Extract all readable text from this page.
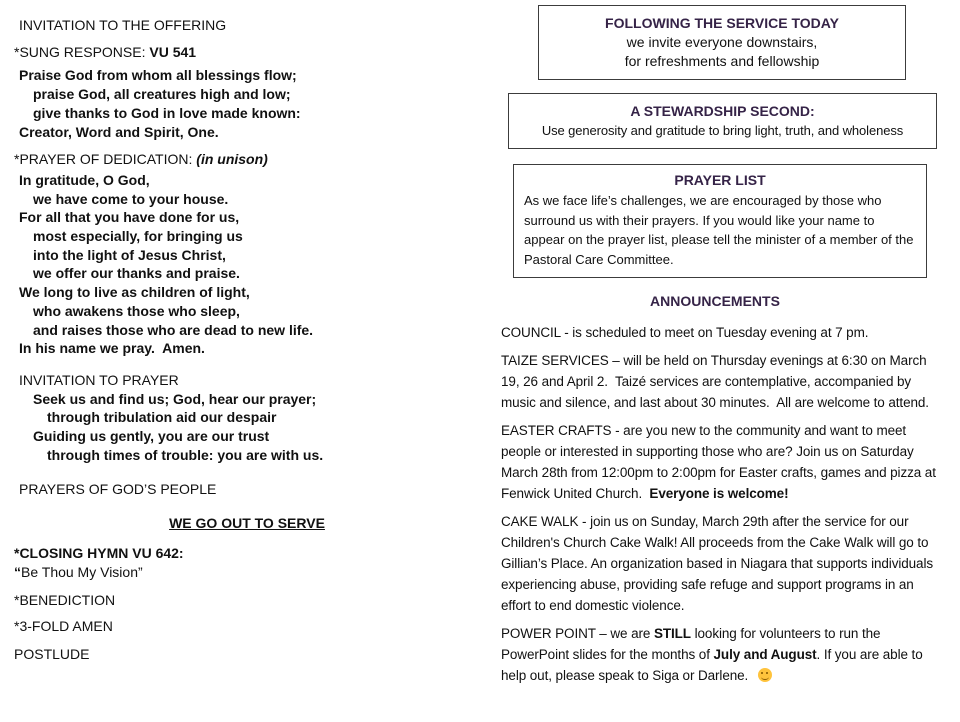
INVITATION TO THE OFFERING
*SUNG RESPONSE: VU 541
Praise God from whom all blessings flow;
praise God, all creatures high and low;
give thanks to God in love made known:
Creator, Word and Spirit, One.
*PRAYER OF DEDICATION: (in unison)
In gratitude, O God,
we have come to your house.
For all that you have done for us,
most especially, for bringing us
into the light of Jesus Christ,
we offer our thanks and praise.
We long to live as children of light,
who awakens those who sleep,
and raises those who are dead to new life.
In his name we pray.  Amen.
INVITATION TO PRAYER
Seek us and find us; God, hear our prayer;
through tribulation aid our despair
Guiding us gently, you are our trust
through times of trouble: you are with us.
PRAYERS OF GOD’S PEOPLE
WE GO OUT TO SERVE
*CLOSING HYMN VU 642:
“Be Thou My Vision”
*BENEDICTION
*3-FOLD AMEN
POSTLUDE
FOLLOWING THE SERVICE TODAY
we invite everyone downstairs,
for refreshments and fellowship
A STEWARDSHIP SECOND:
Use generosity and gratitude to bring light, truth, and wholeness
PRAYER LIST
As we face life’s challenges, we are encouraged by those who surround us with their prayers. If you would like your name to appear on the prayer list, please tell the minister of a member of the Pastoral Care Committee.
ANNOUNCEMENTS

COUNCIL - is scheduled to meet on Tuesday evening at 7 pm.

TAIZE SERVICES – will be held on Thursday evenings at 6:30 on March 19, 26 and April 2.  Taizé services are contemplative, accompanied by music and silence, and last about 30 minutes.  All are welcome to attend.

EASTER CRAFTS - are you new to the community and want to meet people or interested in supporting those who are? Join us on Saturday March 28th from 12:00pm to 2:00pm for Easter crafts, games and pizza at Fenwick United Church.  Everyone is welcome!

CAKE WALK - join us on Sunday, March 29th after the service for our Children's Church Cake Walk! All proceeds from the Cake Walk will go to Gillian’s Place. An organization based in Niagara that supports individuals experiencing abuse, providing safe refuge and support programs in an effort to end domestic violence.

POWER POINT – we are STILL looking for volunteers to run the PowerPoint slides for the months of July and August. If you are able to help out, please speak to Siga or Darlene.
